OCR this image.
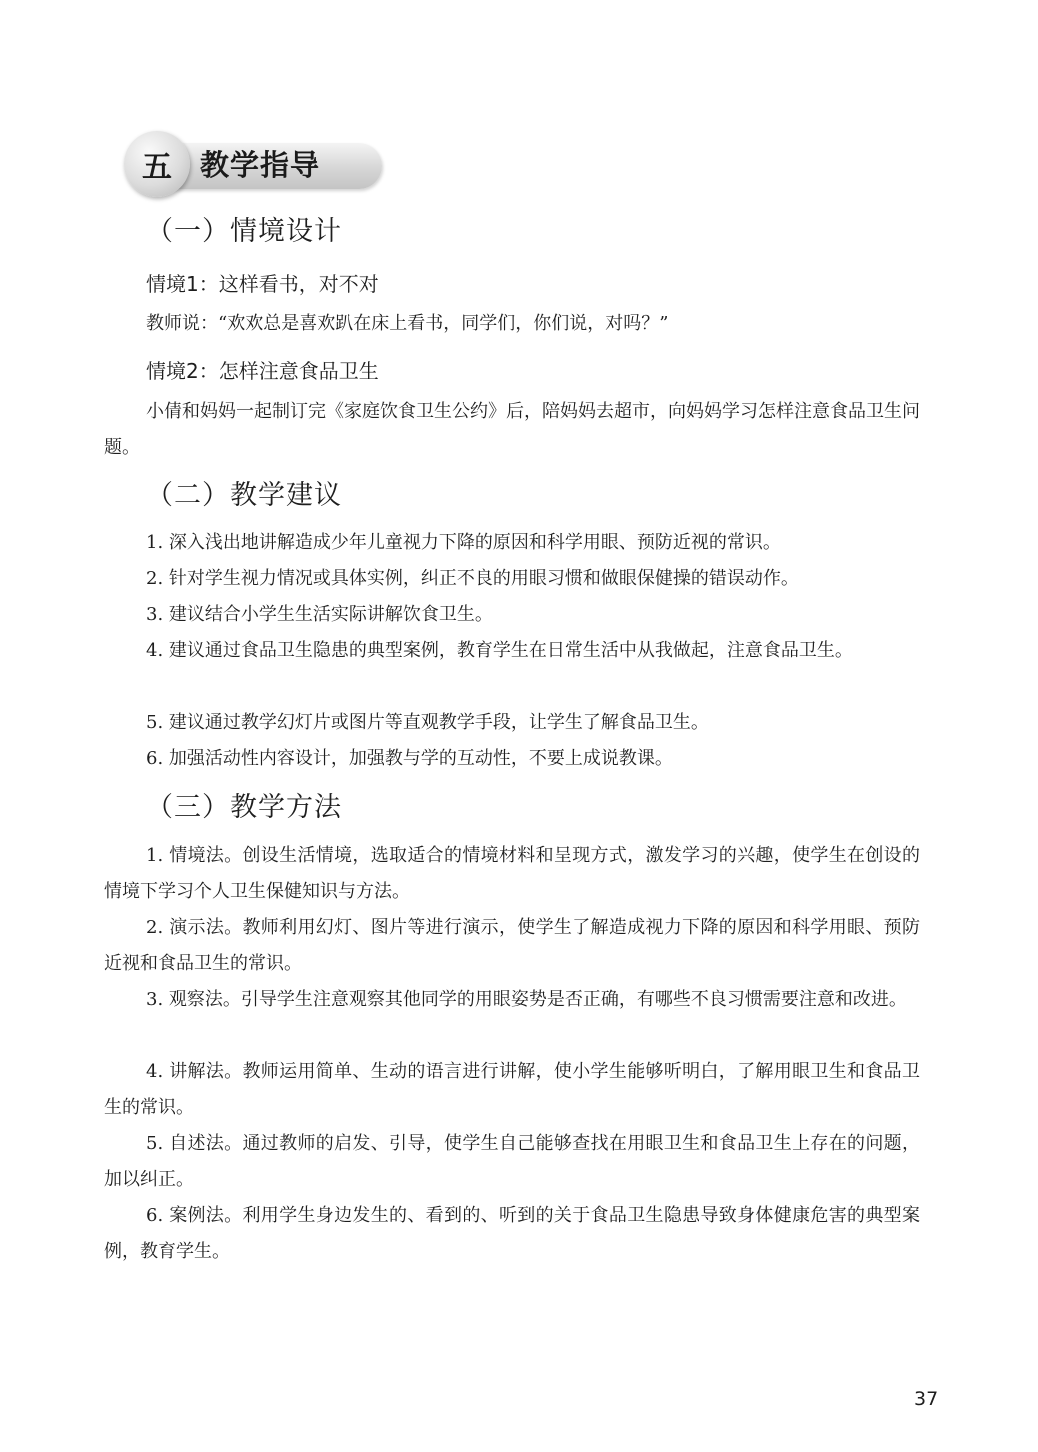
五 教学指导
（一）情境设计
情境1：这样看书，对不对

教师说：“欢欢总是喜欢趴在床上看书，同学们，你们说，对吗？”

情境2：怎样注意食品卫生

小倩和妈妈一起制订完《家庭饮食卫生公约》后，陪妈妈去超市，向妈妈学习怎样注意食品卫生问题。

（二）教学建议

1. 深入浅出地讲解造成少年儿童视力下降的原因和科学用眼、预防近视的常识。

2. 针对学生视力情况或具体实例，纠正不良的用眼习惯和做眼保健操的错误动作。

3. 建议结合小学生生活实际讲解饮食卫生。

4. 建议通过食品卫生隐患的典型案例，教育学生在日常生活中从我做起，注意食品卫生。

5. 建议通过教学幻灯片或图片等直观教学手段，让学生了解食品卫生。

6. 加强活动性内容设计，加强教与学的互动性，不要上成说教课。

（三）教学方法

1. 情境法。创设生活情境，选取适合的情境材料和呈现方式，激发学习的兴趣，使学生在创设的情境下学习个人卫生保健知识与方法。

2. 演示法。教师利用幻灯、图片等进行演示，使学生了解造成视力下降的原因和科学用眼、预防近视和食品卫生的常识。

3. 观察法。引导学生注意观察其他同学的用眼姿势是否正确，有哪些不良习惯需要注意和改进。

4. 讲解法。教师运用简单、生动的语言进行讲解，使小学生能够听明白，了解用眼卫生和食品卫生的常识。

5. 自述法。通过教师的启发、引导，使学生自己能够查找在用眼卫生和食品卫生上存在的问题，加以纠正。

6. 案例法。利用学生身边发生的、看到的、听到的关于食品卫生隐患导致身体健康危害的典型案例，教育学生。

37
